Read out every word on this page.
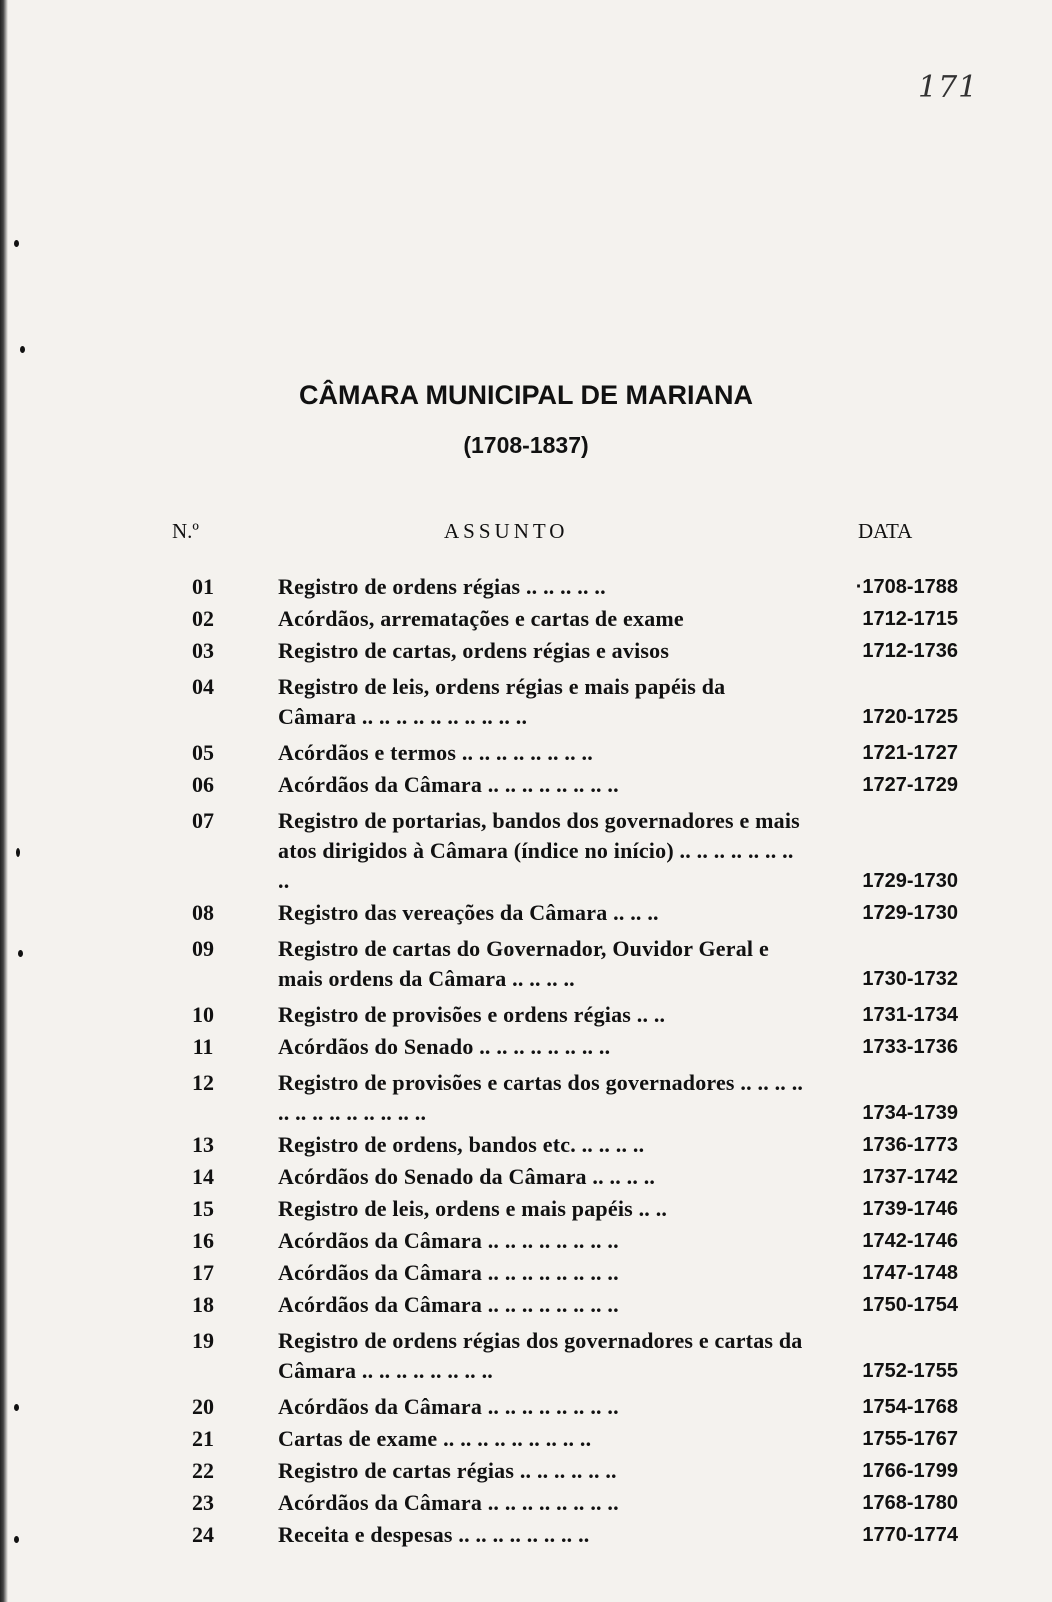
171
CÂMARA MUNICIPAL DE MARIANA
(1708-1837)
N.º	ASSUNTO	DATA
01	Registro de ordens régias .. .. .. .. ..	·1708-1788
02	Acórdãos, arrematações e cartas de exame	1712-1715
03	Registro de cartas, ordens régias e avisos	1712-1736
04	Registro de leis, ordens régias e mais papéis da Câmara .. .. .. .. .. .. .. .. .. ..	1720-1725
05	Acórdãos e termos .. .. .. .. .. .. .. ..	1721-1727
06	Acórdãos da Câmara .. .. .. .. .. .. .. ..	1727-1729
07	Registro de portarias, bandos dos governadores e mais atos dirigidos à Câmara (índice no início) .. .. .. .. .. .. .. ..	1729-1730
08	Registro das vereações da Câmara .. .. ..	1729-1730
09	Registro de cartas do Governador, Ouvidor Geral e mais ordens da Câmara .. .. .. ..	1730-1732
10	Registro de provisões e ordens régias .. ..	1731-1734
11	Acórdãos do Senado .. .. .. .. .. .. .. ..	1733-1736
12	Registro de provisões e cartas dos governadores .. .. .. .. .. .. .. .. .. .. .. .. ..	1734-1739
13	Registro de ordens, bandos etc. .. .. .. ..	1736-1773
14	Acórdãos do Senado da Câmara .. .. .. ..	1737-1742
15	Registro de leis, ordens e mais papéis .. ..	1739-1746
16	Acórdãos da Câmara .. .. .. .. .. .. .. ..	1742-1746
17	Acórdãos da Câmara .. .. .. .. .. .. .. ..	1747-1748
18	Acórdãos da Câmara .. .. .. .. .. .. .. ..	1750-1754
19	Registro de ordens régias dos governadores e cartas da Câmara .. .. .. .. .. .. .. ..	1752-1755
20	Acórdãos da Câmara .. .. .. .. .. .. .. ..	1754-1768
21	Cartas de exame .. .. .. .. .. .. .. .. ..	1755-1767
22	Registro de cartas régias .. .. .. .. .. ..	1766-1799
23	Acórdãos da Câmara .. .. .. .. .. .. .. ..	1768-1780
24	Receita e despesas .. .. .. .. .. .. .. ..	1770-1774
